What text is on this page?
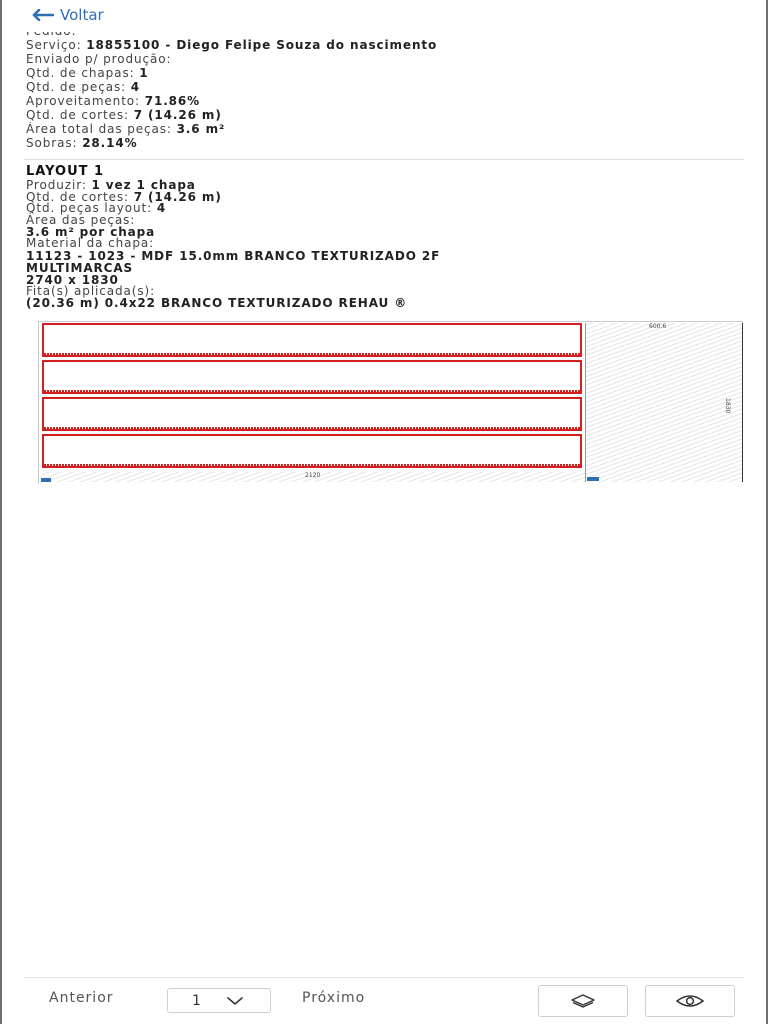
Voltar
Serviço: 18855100 - Diego Felipe Souza do nascimento
Enviado p/ produção:
Qtd. de chapas: 1
Qtd. de peças: 4
Aproveitamento: 71.86%
Qtd. de cortes: 7 (14.26 m)
Área total das peças: 3.6 m²
Sobras: 28.14%
LAYOUT 1
Produzir: 1 vez 1 chapa
Qtd. de cortes: 7 (14.26 m)
Qtd. peças layout: 4
Área das peças:
3.6 m² por chapa
Material da chapa:
11123 - 1023 - MDF 15.0mm BRANCO TEXTURIZADO 2F
MULTIMARCAS
2740 x 1830
Fita(s) aplicada(s):
(20.36 m) 0.4x22 BRANCO TEXTURIZADO REHAU ®
600.6
1830
2120
Anterior	1	Próximo
